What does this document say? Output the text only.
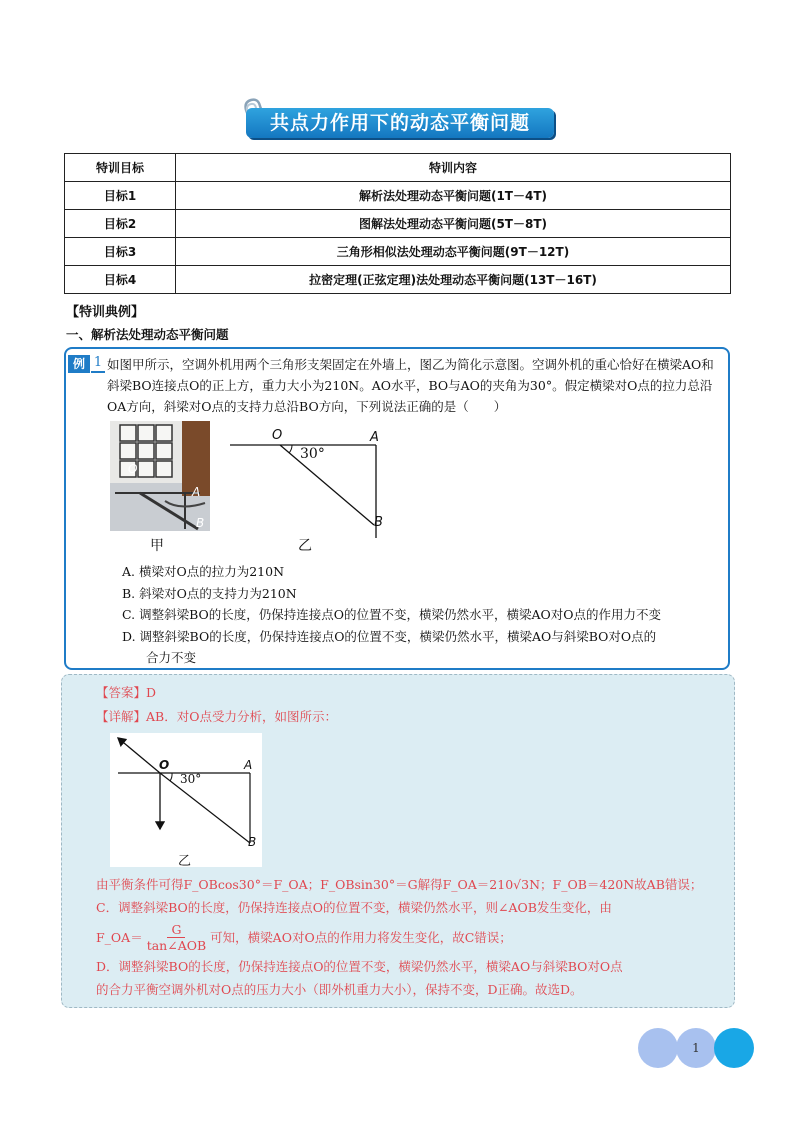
共点力作用下的动态平衡问题
特训目标	特训内容
目标1	解析法处理动态平衡问题(1T－4T)
目标2	图解法处理动态平衡问题(5T－8T)
目标3	三角形相似法处理动态平衡问题(9T－12T)
目标4	拉密定理(正弦定理)法处理动态平衡问题(13T－16T)
【特训典例】
一、解析法处理动态平衡问题
例 1 如图甲所示，空调外机用两个三角形支架固定在外墙上，图乙为简化示意图。空调外机的重心恰好在横梁AO和斜梁BO连接点O的正上方，重力大小为210N。AO水平，BO与AO的夹角为30°。假定横梁对O点的拉力总沿OA方向，斜梁对O点的支持力总沿BO方向，下列说法正确的是（　　）
O
A
B
甲
O	A
B
30°
乙
A. 横梁对O点的拉力为210N
B. 斜梁对O点的支持力为210N
C. 调整斜梁BO的长度，仍保持连接点O的位置不变，横梁仍然水平，横梁AO对O点的作用力不变
D. 调整斜梁BO的长度，仍保持连接点O的位置不变，横梁仍然水平，横梁AO与斜梁BO对O点的
合力不变
【答案】D
【详解】AB．对O点受力分析，如图所示：
O	A
B
30°
乙
由平衡条件可得F_OBcos30°＝F_OA；F_OBsin30°＝G解得F_OA＝210√3N；F_OB＝420N故AB错误；
C．调整斜梁BO的长度，仍保持连接点O的位置不变，横梁仍然水平，则∠AOB发生变化，由
F_OA＝
G
tan∠AOB
可知，横梁AO对O点的作用力将发生变化，故C错误；
D．调整斜梁BO的长度，仍保持连接点O的位置不变，横梁仍然水平，横梁AO与斜梁BO对O点
的合力平衡空调外机对O点的压力大小（即外机重力大小），保持不变，D正确。故选D。
1
